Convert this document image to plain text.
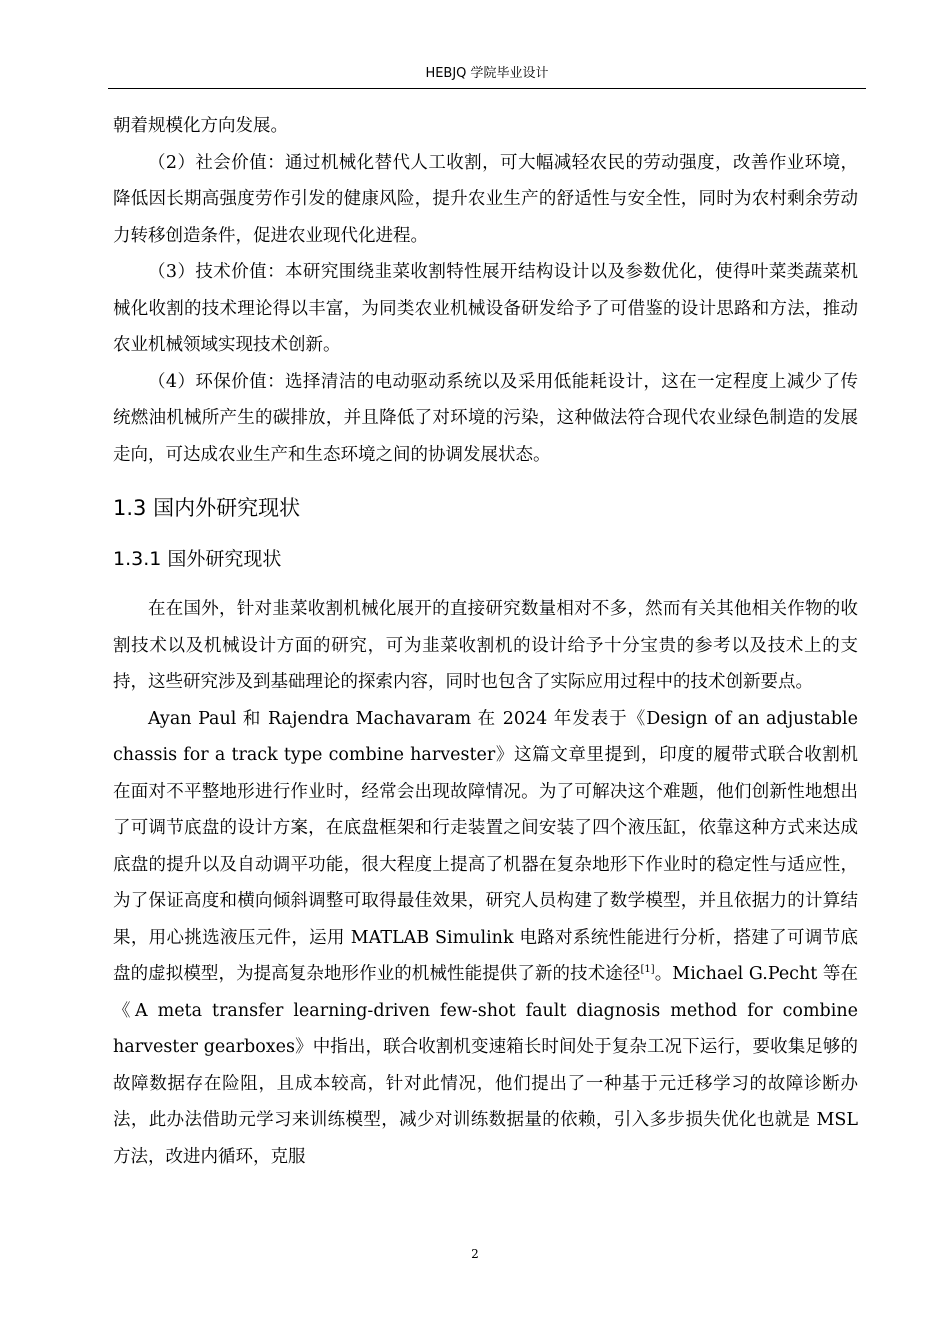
HEBJQ 学院毕业设计

朝着规模化方向发展。

（2）社会价值：通过机械化替代人工收割，可大幅减轻农民的劳动强度，改善作业环境，降低因长期高强度劳作引发的健康风险，提升农业生产的舒适性与安全性，同时为农村剩余劳动力转移创造条件，促进农业现代化进程。

（3）技术价值：本研究围绕韭菜收割特性展开结构设计以及参数优化，使得叶菜类蔬菜机械化收割的技术理论得以丰富，为同类农业机械设备研发给予了可借鉴的设计思路和方法，推动农业机械领域实现技术创新。

（4）环保价值：选择清洁的电动驱动系统以及采用低能耗设计，这在一定程度上减少了传统燃油机械所产生的碳排放，并且降低了对环境的污染，这种做法符合现代农业绿色制造的发展走向，可达成农业生产和生态环境之间的协调发展状态。

1.3 国内外研究现状
1.3.1 国外研究现状

在在国外，针对韭菜收割机械化展开的直接研究数量相对不多，然而有关其他相关作物的收割技术以及机械设计方面的研究，可为韭菜收割机的设计给予十分宝贵的参考以及技术上的支持，这些研究涉及到基础理论的探索内容，同时也包含了实际应用过程中的技术创新要点。

Ayan Paul 和 Rajendra Machavaram 在 2024 年发表于《Design of an adjustable chassis for a track type combine harvester》这篇文章里提到，印度的履带式联合收割机在面对不平整地形进行作业时，经常会出现故障情况。为了可解决这个难题，他们创新性地想出了可调节底盘的设计方案，在底盘框架和行走装置之间安装了四个液压缸，依靠这种方式来达成底盘的提升以及自动调平功能，很大程度上提高了机器在复杂地形下作业时的稳定性与适应性，为了保证高度和横向倾斜调整可取得最佳效果，研究人员构建了数学模型，并且依据力的计算结果，用心挑选液压元件，运用 MATLAB Simulink 电路对系统性能进行分析，搭建了可调节底盘的虚拟模型，为提高复杂地形作业的机械性能提供了新的技术途径[1]。Michael G.Pecht 等在《A meta transfer learning-driven few-shot fault diagnosis method for combine harvester gearboxes》中指出，联合收割机变速箱长时间处于复杂工况下运行，要收集足够的故障数据存在险阻，且成本较高，针对此情况，他们提出了一种基于元迁移学习的故障诊断办法，此办法借助元学习来训练模型，减少对训练数据量的依赖，引入多步损失优化也就是 MSL 方法，改进内循环，克服

2
